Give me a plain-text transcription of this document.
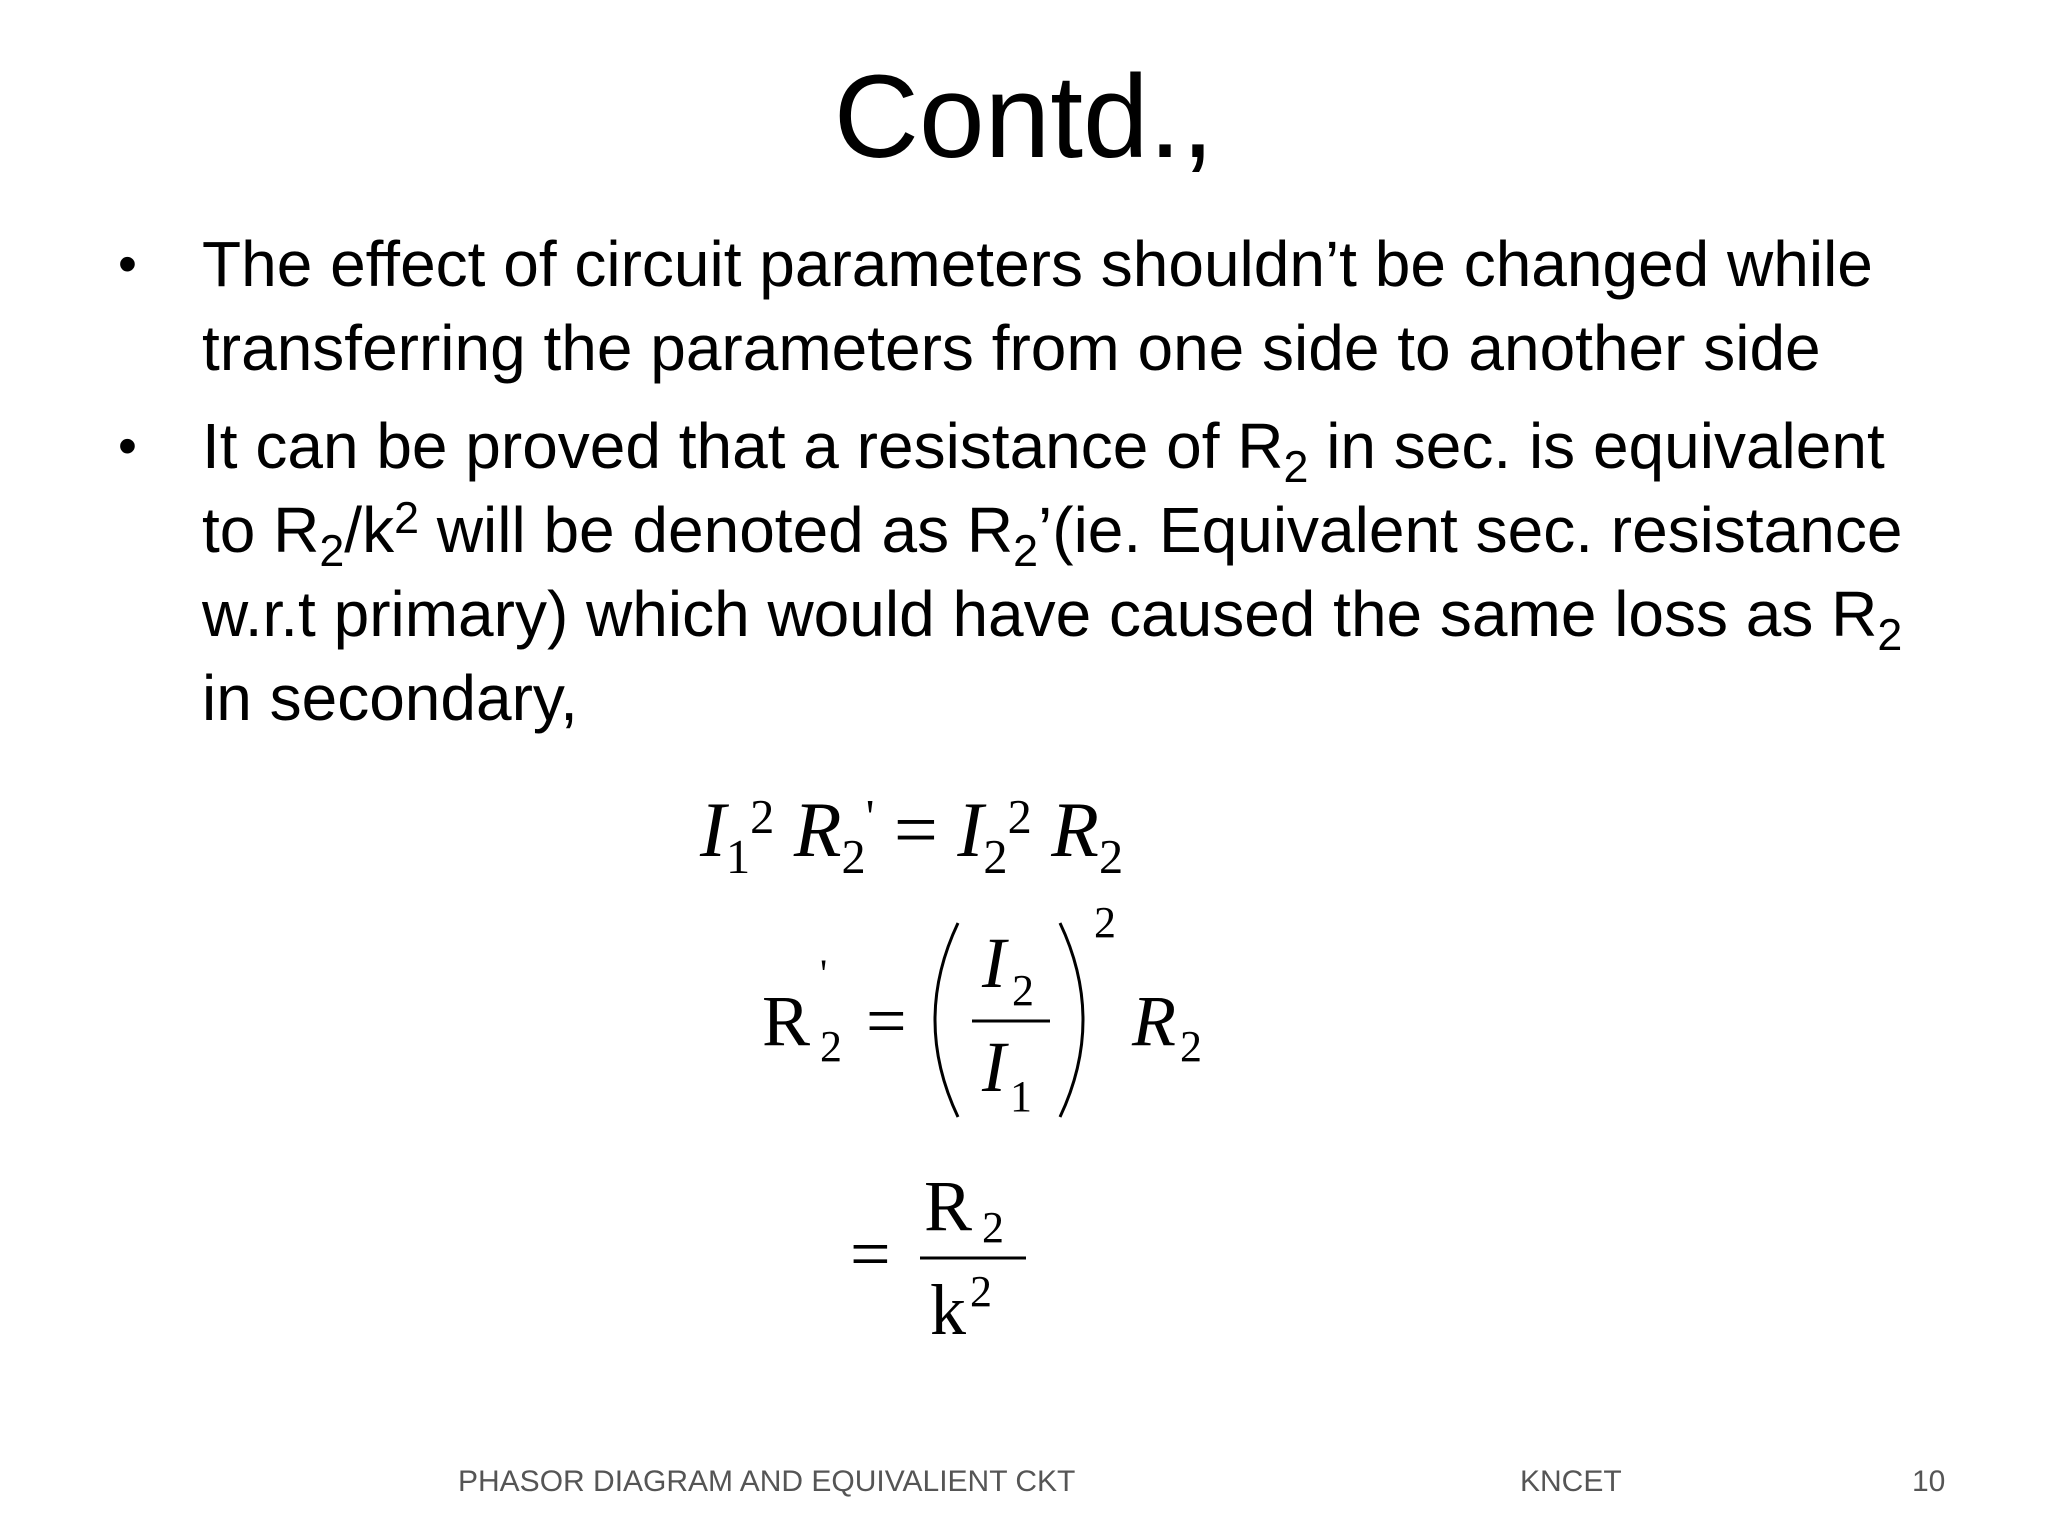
Contd.,
•	The effect of circuit parameters shouldn’t be changed while
transferring the parameters from one side to another side
•	It can be proved that a resistance of $R_2$ in sec. is equivalent
to $R_2/k^2$ will be denoted as $R_2’(ie$. Equivalent sec. resistance
w.r.t primary) which would have caused the same loss as $R_2$
in secondary,
$I_1^2$ $R_2' = I_2^2$ $R_2$
R
'
2 =
I 2
I 1
2
R 2
=
R 2
k 2
PHASOR DIAGRAM AND EQUIVALIENT CKT	KNCET	10
